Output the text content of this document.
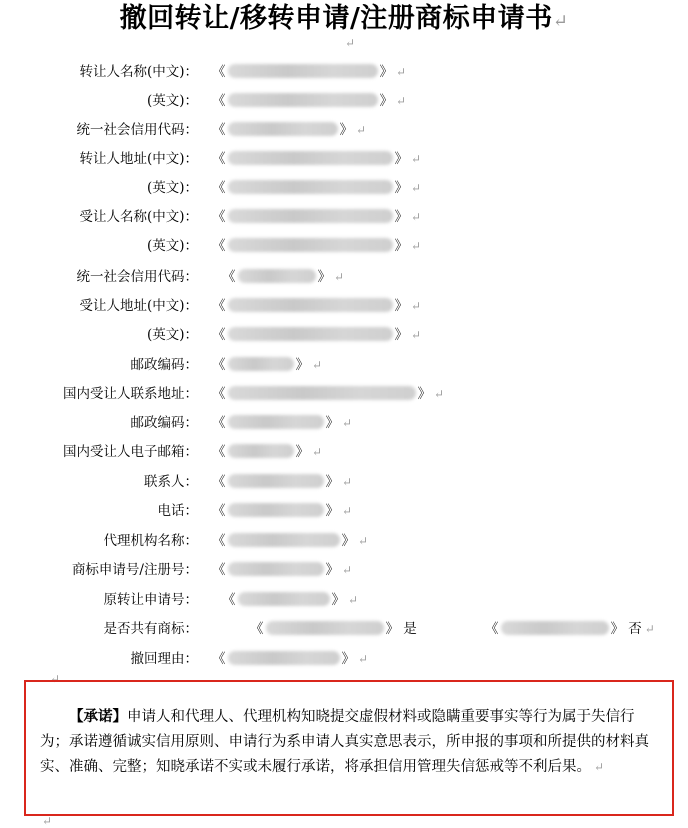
撤回转让/移转申请/注册商标申请书↵
↵
转让人名称(中文)： 《	》 ↵
(英文)： 《	》 ↵
统一社会信用代码： 《	》 ↵
转让人地址(中文)： 《	》 ↵
(英文)： 《	》 ↵
受让人名称(中文)： 《	》 ↵
(英文)： 《	》 ↵
统一社会信用代码： 《	》 ↵
受让人地址(中文)： 《	》 ↵
(英文)： 《	》 ↵
邮政编码： 《	》 ↵
国内受让人联系地址： 《	》 ↵
邮政编码： 《	》 ↵
国内受让人电子邮箱： 《	》 ↵
联系人： 《	》 ↵
电话： 《	》 ↵
代理机构名称： 《	》 ↵
商标申请号/注册号： 《	》 ↵
原转让申请号： 《	》 ↵
是否共有商标：	《	》 是	《	》 否 ↵
撤回理由： 《	》 ↵
↵
【承诺】申请人和代理人、代理机构知晓提交虚假材料或隐瞒重要事实等行为属于失信行为；承诺遵循诚实信用原则、申请行为系申请人真实意思表示，所申报的事项和所提供的材料真实、准确、完整；知晓承诺不实或未履行承诺，将承担信用管理失信惩戒等不利后果。 ↵
↵
